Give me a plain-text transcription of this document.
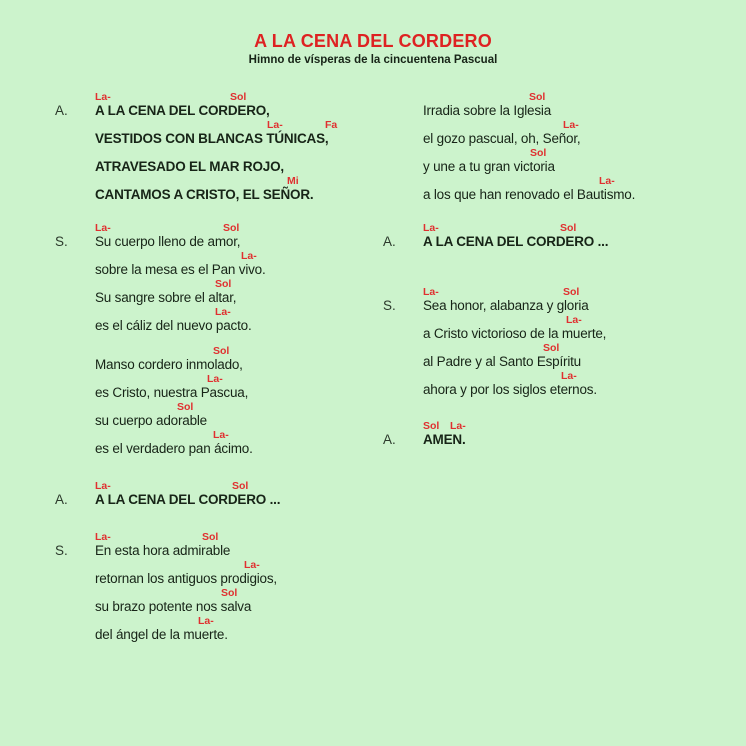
A LA CENA DEL CORDERO
Himno de vísperas de la cincuentena Pascual
A.
La-	Sol
A LA CENA DEL CORDERO,
La-	Fa
VESTIDOS CON BLANCAS TÚNICAS,
ATRAVESADO EL MAR ROJO,
Mi
CANTAMOS A CRISTO, EL SEÑOR.
S.
La-	Sol
Su cuerpo lleno de amor,
La-
sobre la mesa es el Pan vivo.
Sol
Su sangre sobre el altar,
La-
es el cáliz del nuevo pacto.
Sol
Manso cordero inmolado,
La-
es Cristo, nuestra Pascua,
Sol
su cuerpo adorable
La-
es el verdadero pan ácimo.
A.
La-	Sol
A LA CENA DEL CORDERO ...
S.
La-	Sol
En esta hora admirable
La-
retornan los antiguos prodigios,
Sol
su brazo potente nos salva
La-
del ángel de la muerte.
Sol
Irradia sobre la Iglesia
La-
el gozo pascual, oh, Señor,
Sol
y une a tu gran victoria
La-
a los que han renovado el Bautismo.
A.
La-	Sol
A LA CENA DEL CORDERO ...
S.
La-	Sol
Sea honor, alabanza y gloria
La-
a Cristo victorioso de la muerte,
Sol
al Padre y al Santo Espíritu
La-
ahora y por los siglos eternos.
A.
Sol La-
AMEN.
